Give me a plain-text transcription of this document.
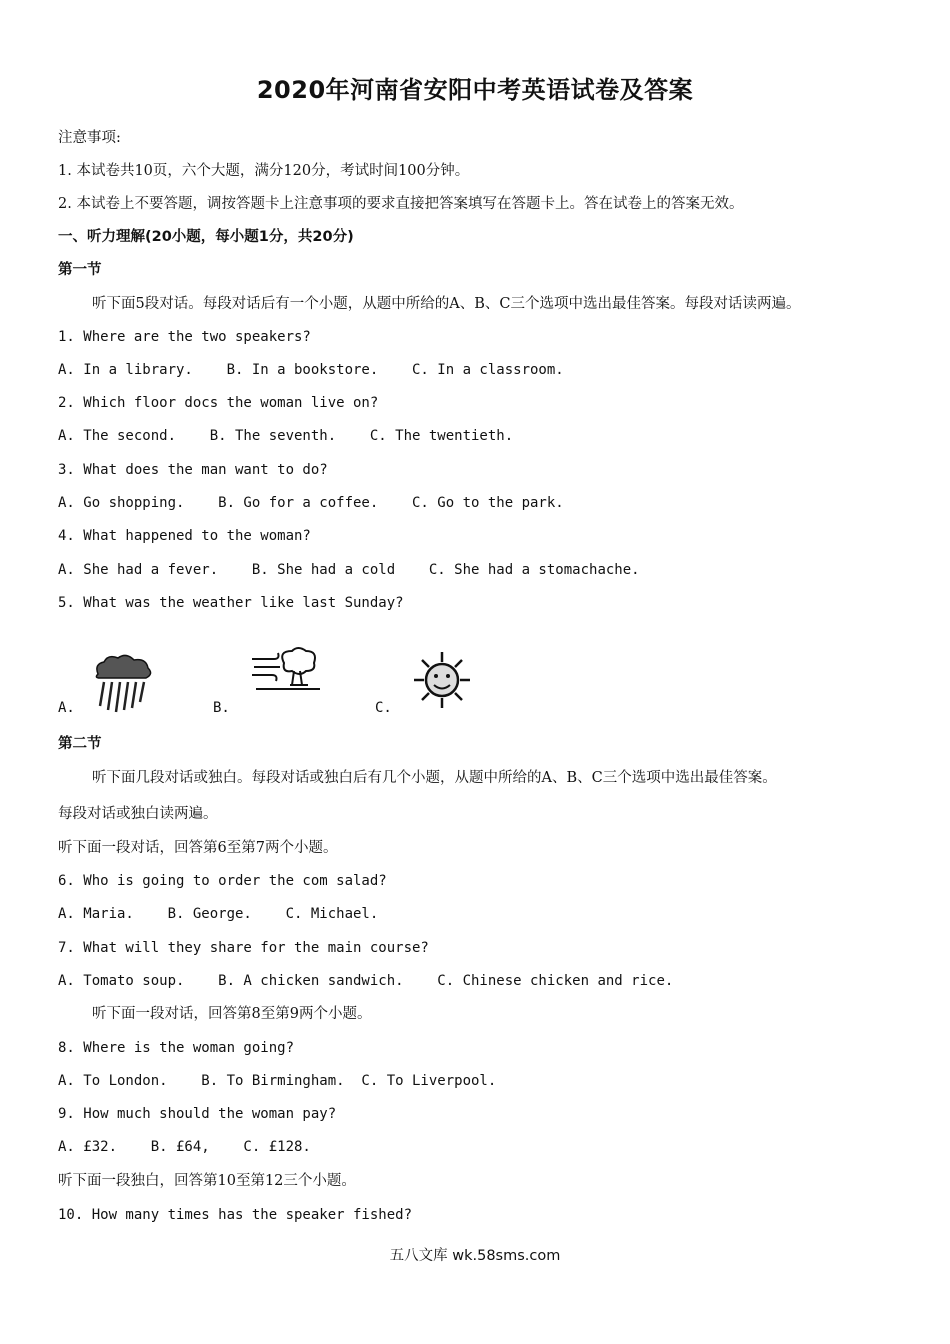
2020年河南省安阳中考英语试卷及答案
注意事项:
1. 本试卷共10页，六个大题，满分120分，考试时间100分钟。
2. 本试卷上不要答题，调按答题卡上注意事项的要求直接把答案填写在答题卡上。答在试卷上的答案无效。
一、听力理解(20小题，每小题1分，共20分)
第一节
听下面5段对话。每段对话后有一个小题，从题中所给的A、B、C三个选项中选出最佳答案。每段对话读两遍。
1. Where are the two speakers?
A. In a library.    B. In a bookstore.    C. In a classroom.
2. Which floor docs the woman live on?
A. The second.    B. The seventh.    C. The twentieth.
3. What does the man want to do?
A. Go shopping.    B. Go for a coffee.    C. Go to the park.
4. What happened to the woman?
A. She had a fever.    B. She had a cold    C. She had a stomachache.
5. What was the weather like last Sunday?
A.	B.	C.
第二节
听下面几段对话或独白。每段对话或独白后有几个小题，从题中所给的A、B、C三个选项中选出最佳答案。
每段对话或独白读两遍。
听下面一段对话，回答第6至第7两个小题。
6. Who is going to order the com salad?
A. Maria.    B. George.    C. Michael.
7. What will they share for the main course?
A. Tomato soup.    B. A chicken sandwich.    C. Chinese chicken and rice.
听下面一段对话，回答第8至第9两个小题。
8. Where is the woman going?
A. To London.    B. To Birmingham.  C. To Liverpool.
9. How much should the woman pay?
A. £32.    B. £64,    C. £128.
听下面一段独白，回答第10至第12三个小题。
10. How many times has the speaker fished?
五八文库 wk.58sms.com
